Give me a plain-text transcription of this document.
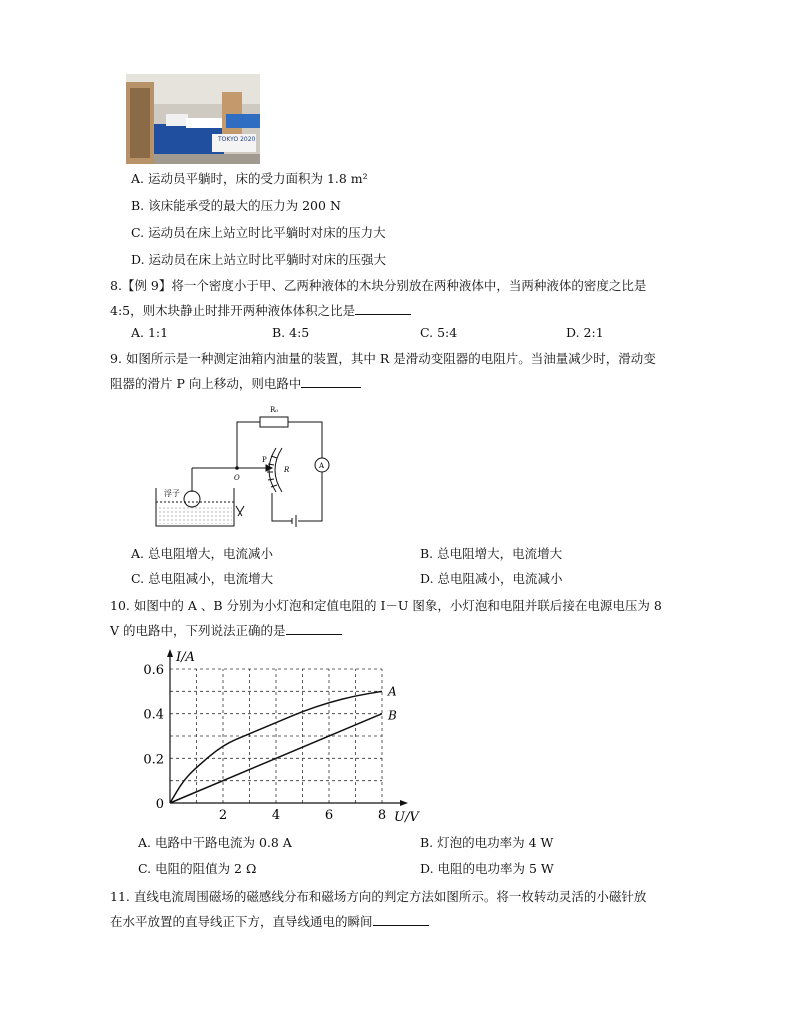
TOKYO 2020
A. 运动员平躺时，床的受力面积为 1.8 m²
B. 该床能承受的最大的压力为 200 N
C. 运动员在床上站立时比平躺时对床的压力大
D. 运动员在床上站立时比平躺时对床的压强大
8.【例 9】将一个密度小于甲、乙两种液体的木块分别放在两种液体中，当两种液体的密度之比是
4:5，则木块静止时排开两种液体体积之比是
A. 1:1	B. 4:5	C. 5:4	D. 2:1
9. 如图所示是一种测定油箱内油量的装置，其中 R 是滑动变阻器的电阻片。当油量减少时，滑动变
阻器的滑片 P 向上移动，则电路中
R₀
P
R
O
A
浮子
A. 总电阻增大，电流减小	B. 总电阻增大，电流增大
C. 总电阻减小，电流增大	D. 总电阻减小，电流减小
10. 如图中的 A 、B 分别为小灯泡和定值电阻的 I－U 图象，小灯泡和电阻并联后接在电源电压为 8
V 的电路中，下列说法正确的是
I/A
U/V
2	4	6	8
0
0.2
0.4
0.6
A
B
A. 电路中干路电流为 0.8 A	B. 灯泡的电功率为 4 W
C. 电阻的阻值为 2 Ω	D. 电阻的电功率为 5 W
11. 直线电流周围磁场的磁感线分布和磁场方向的判定方法如图所示。将一枚转动灵活的小磁针放
在水平放置的直导线正下方，直导线通电的瞬间
